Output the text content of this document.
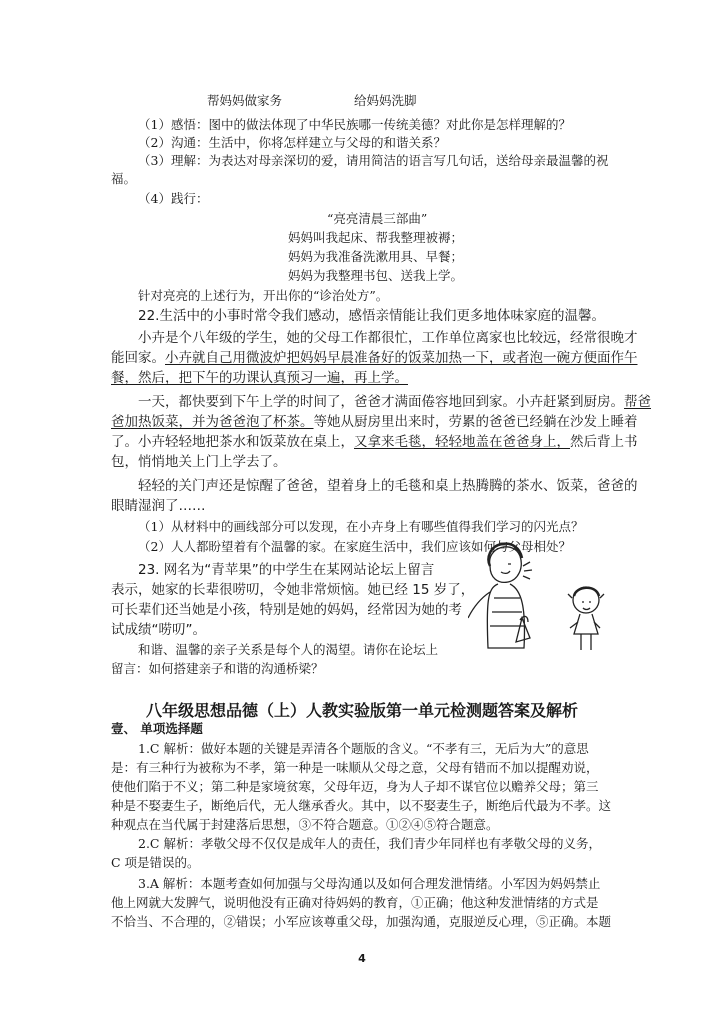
帮妈妈做家务	给妈妈洗脚
（1）感悟：图中的做法体现了中华民族哪一传统美德？对此你是怎样理解的？
（2）沟通：生活中，你将怎样建立与父母的和谐关系？
（3）理解：为表达对母亲深切的爱，请用简洁的语言写几句话，送给母亲最温馨的祝
福。
（4）践行：
“亮亮清晨三部曲”
妈妈叫我起床、帮我整理被褥；
妈妈为我准备洗漱用具、早餐；
妈妈为我整理书包、送我上学。
针对亮亮的上述行为，开出你的“诊治处方”。
22.生活中的小事时常令我们感动，感悟亲情能让我们更多地体味家庭的温馨。
小卉是个八年级的学生，她的父母工作都很忙，工作单位离家也比较远，经常很晚才
能回家。小卉就自己用微波炉把妈妈早晨准备好的饭菜加热一下，或者泡一碗方便面作午
餐，然后，把下午的功课认真预习一遍，再上学。
一天，都快要到下午上学的时间了，爸爸才满面倦容地回到家。小卉赶紧到厨房。帮爸
爸加热饭菜，并为爸爸泡了杯茶。等她从厨房里出来时，劳累的爸爸已经躺在沙发上睡着
了。小卉轻轻地把茶水和饭菜放在桌上，又拿来毛毯，轻轻地盖在爸爸身上，然后背上书
包，悄悄地关上门上学去了。
轻轻的关门声还是惊醒了爸爸，望着身上的毛毯和桌上热腾腾的茶水、饭菜，爸爸的
眼睛湿润了……
（1）从材料中的画线部分可以发现，在小卉身上有哪些值得我们学习的闪光点？
（2）人人都盼望着有个温馨的家。在家庭生活中，我们应该如何与父母相处？
23. 网名为“青苹果”的中学生在某网站论坛上留言
表示，她家的长辈很唠叨，令她非常烦恼。她已经 15 岁了，
可长辈们还当她是小孩，特别是她的妈妈，经常因为她的考
试成绩“唠叨”。
和谐、温馨的亲子关系是每个人的渴望。请你在论坛上
留言：如何搭建亲子和谐的沟通桥梁？
八年级思想品德（上）人教实验版第一单元检测题答案及解析
壹、 单项选择题
1.C 解析：做好本题的关键是弄清各个题版的含义。“不孝有三，无后为大”的意思
是：有三种行为被称为不孝，第一种是一味顺从父母之意，父母有错而不加以提醒劝说，
使他们陷于不义；第二种是家境贫寒，父母年迈，身为人子却不谋官位以赡养父母；第三
种是不娶妻生子，断绝后代，无人继承香火。其中，以不娶妻生子，断绝后代最为不孝。这
种观点在当代属于封建落后思想，③不符合题意。①②④⑤符合题意。
2.C 解析：孝敬父母不仅仅是成年人的责任，我们青少年同样也有孝敬父母的义务，
C 项是错误的。
3.A 解析：本题考查如何加强与父母沟通以及如何合理发泄情绪。小军因为妈妈禁止
他上网就大发脾气，说明他没有正确对待妈妈的教育，①正确；他这种发泄情绪的方式是
不恰当、不合理的，②错误；小军应该尊重父母，加强沟通，克服逆反心理，⑤正确。本题
4
